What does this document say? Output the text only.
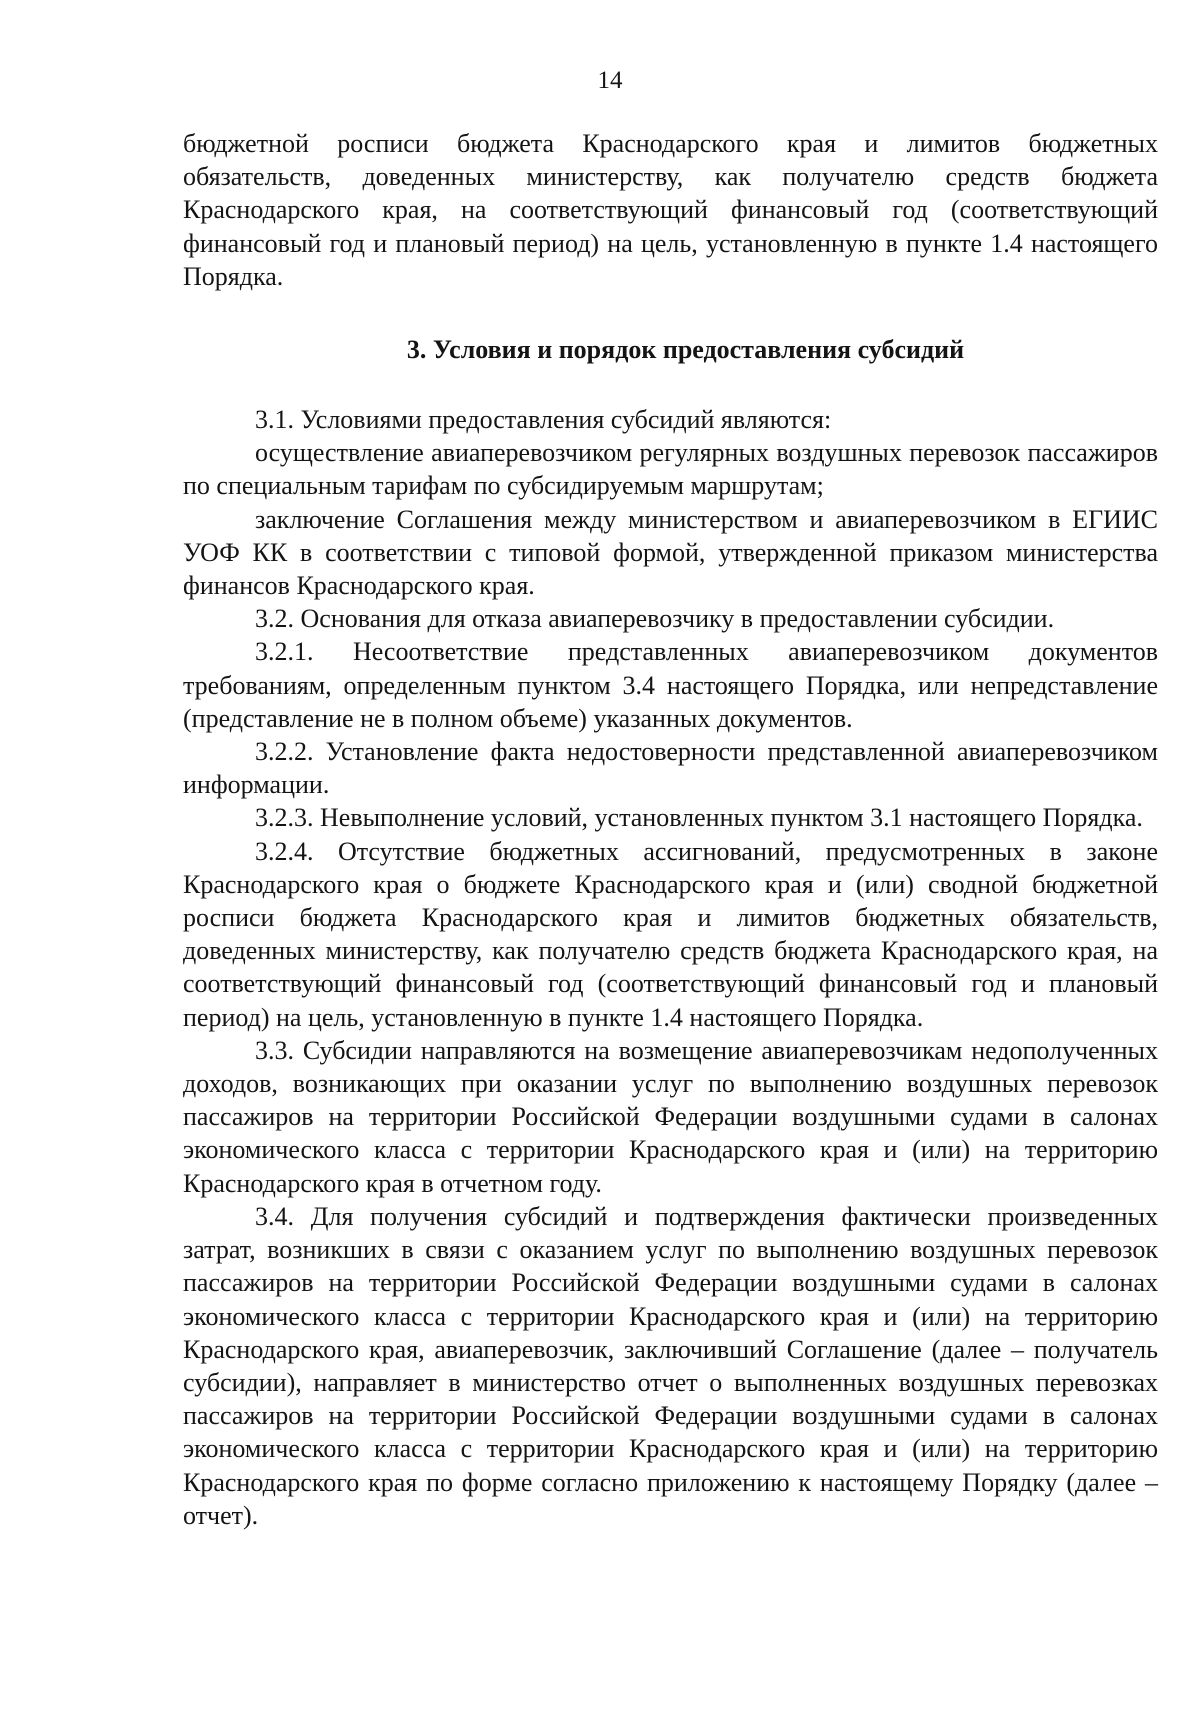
14

бюджетной росписи бюджета Краснодарского края и лимитов бюджетных обязательств, доведенных министерству, как получателю средств бюджета Краснодарского края, на соответствующий финансовый год (соответствующий финансовый год и плановый период) на цель, установленную в пункте 1.4 настоящего Порядка.

3. Условия и порядок предоставления субсидий

3.1. Условиями предоставления субсидий являются:

осуществление авиаперевозчиком регулярных воздушных перевозок пассажиров по специальным тарифам по субсидируемым маршрутам;

заключение Соглашения между министерством и авиаперевозчиком в ЕГИИС УОФ КК в соответствии с типовой формой, утвержденной приказом министерства финансов Краснодарского края.

3.2. Основания для отказа авиаперевозчику в предоставлении субсидии.

3.2.1. Несоответствие представленных авиаперевозчиком документов требованиям, определенным пунктом 3.4 настоящего Порядка, или непредставление (представление не в полном объеме) указанных документов.

3.2.2. Установление факта недостоверности представленной авиаперевозчиком информации.

3.2.3. Невыполнение условий, установленных пунктом 3.1 настоящего Порядка.

3.2.4. Отсутствие бюджетных ассигнований, предусмотренных в законе Краснодарского края о бюджете Краснодарского края и (или) сводной бюджетной росписи бюджета Краснодарского края и лимитов бюджетных обязательств, доведенных министерству, как получателю средств бюджета Краснодарского края, на соответствующий финансовый год (соответствующий финансовый год и плановый период) на цель, установленную в пункте 1.4 настоящего Порядка.

3.3. Субсидии направляются на возмещение авиаперевозчикам недополученных доходов, возникающих при оказании услуг по выполнению воздушных перевозок пассажиров на территории Российской Федерации воздушными судами в салонах экономического класса с территории Краснодарского края и (или) на территорию Краснодарского края в отчетном году.

3.4. Для получения субсидий и подтверждения фактически произведенных затрат, возникших в связи с оказанием услуг по выполнению воздушных перевозок пассажиров на территории Российской Федерации воздушными судами в салонах экономического класса с территории Краснодарского края и (или) на территорию Краснодарского края, авиаперевозчик, заключивший Соглашение (далее – получатель субсидии), направляет в министерство отчет о выполненных воздушных перевозках пассажиров на территории Российской Федерации воздушными судами в салонах экономического класса с территории Краснодарского края и (или) на территорию Краснодарского края по форме согласно приложению к настоящему Порядку (далее – отчет).
